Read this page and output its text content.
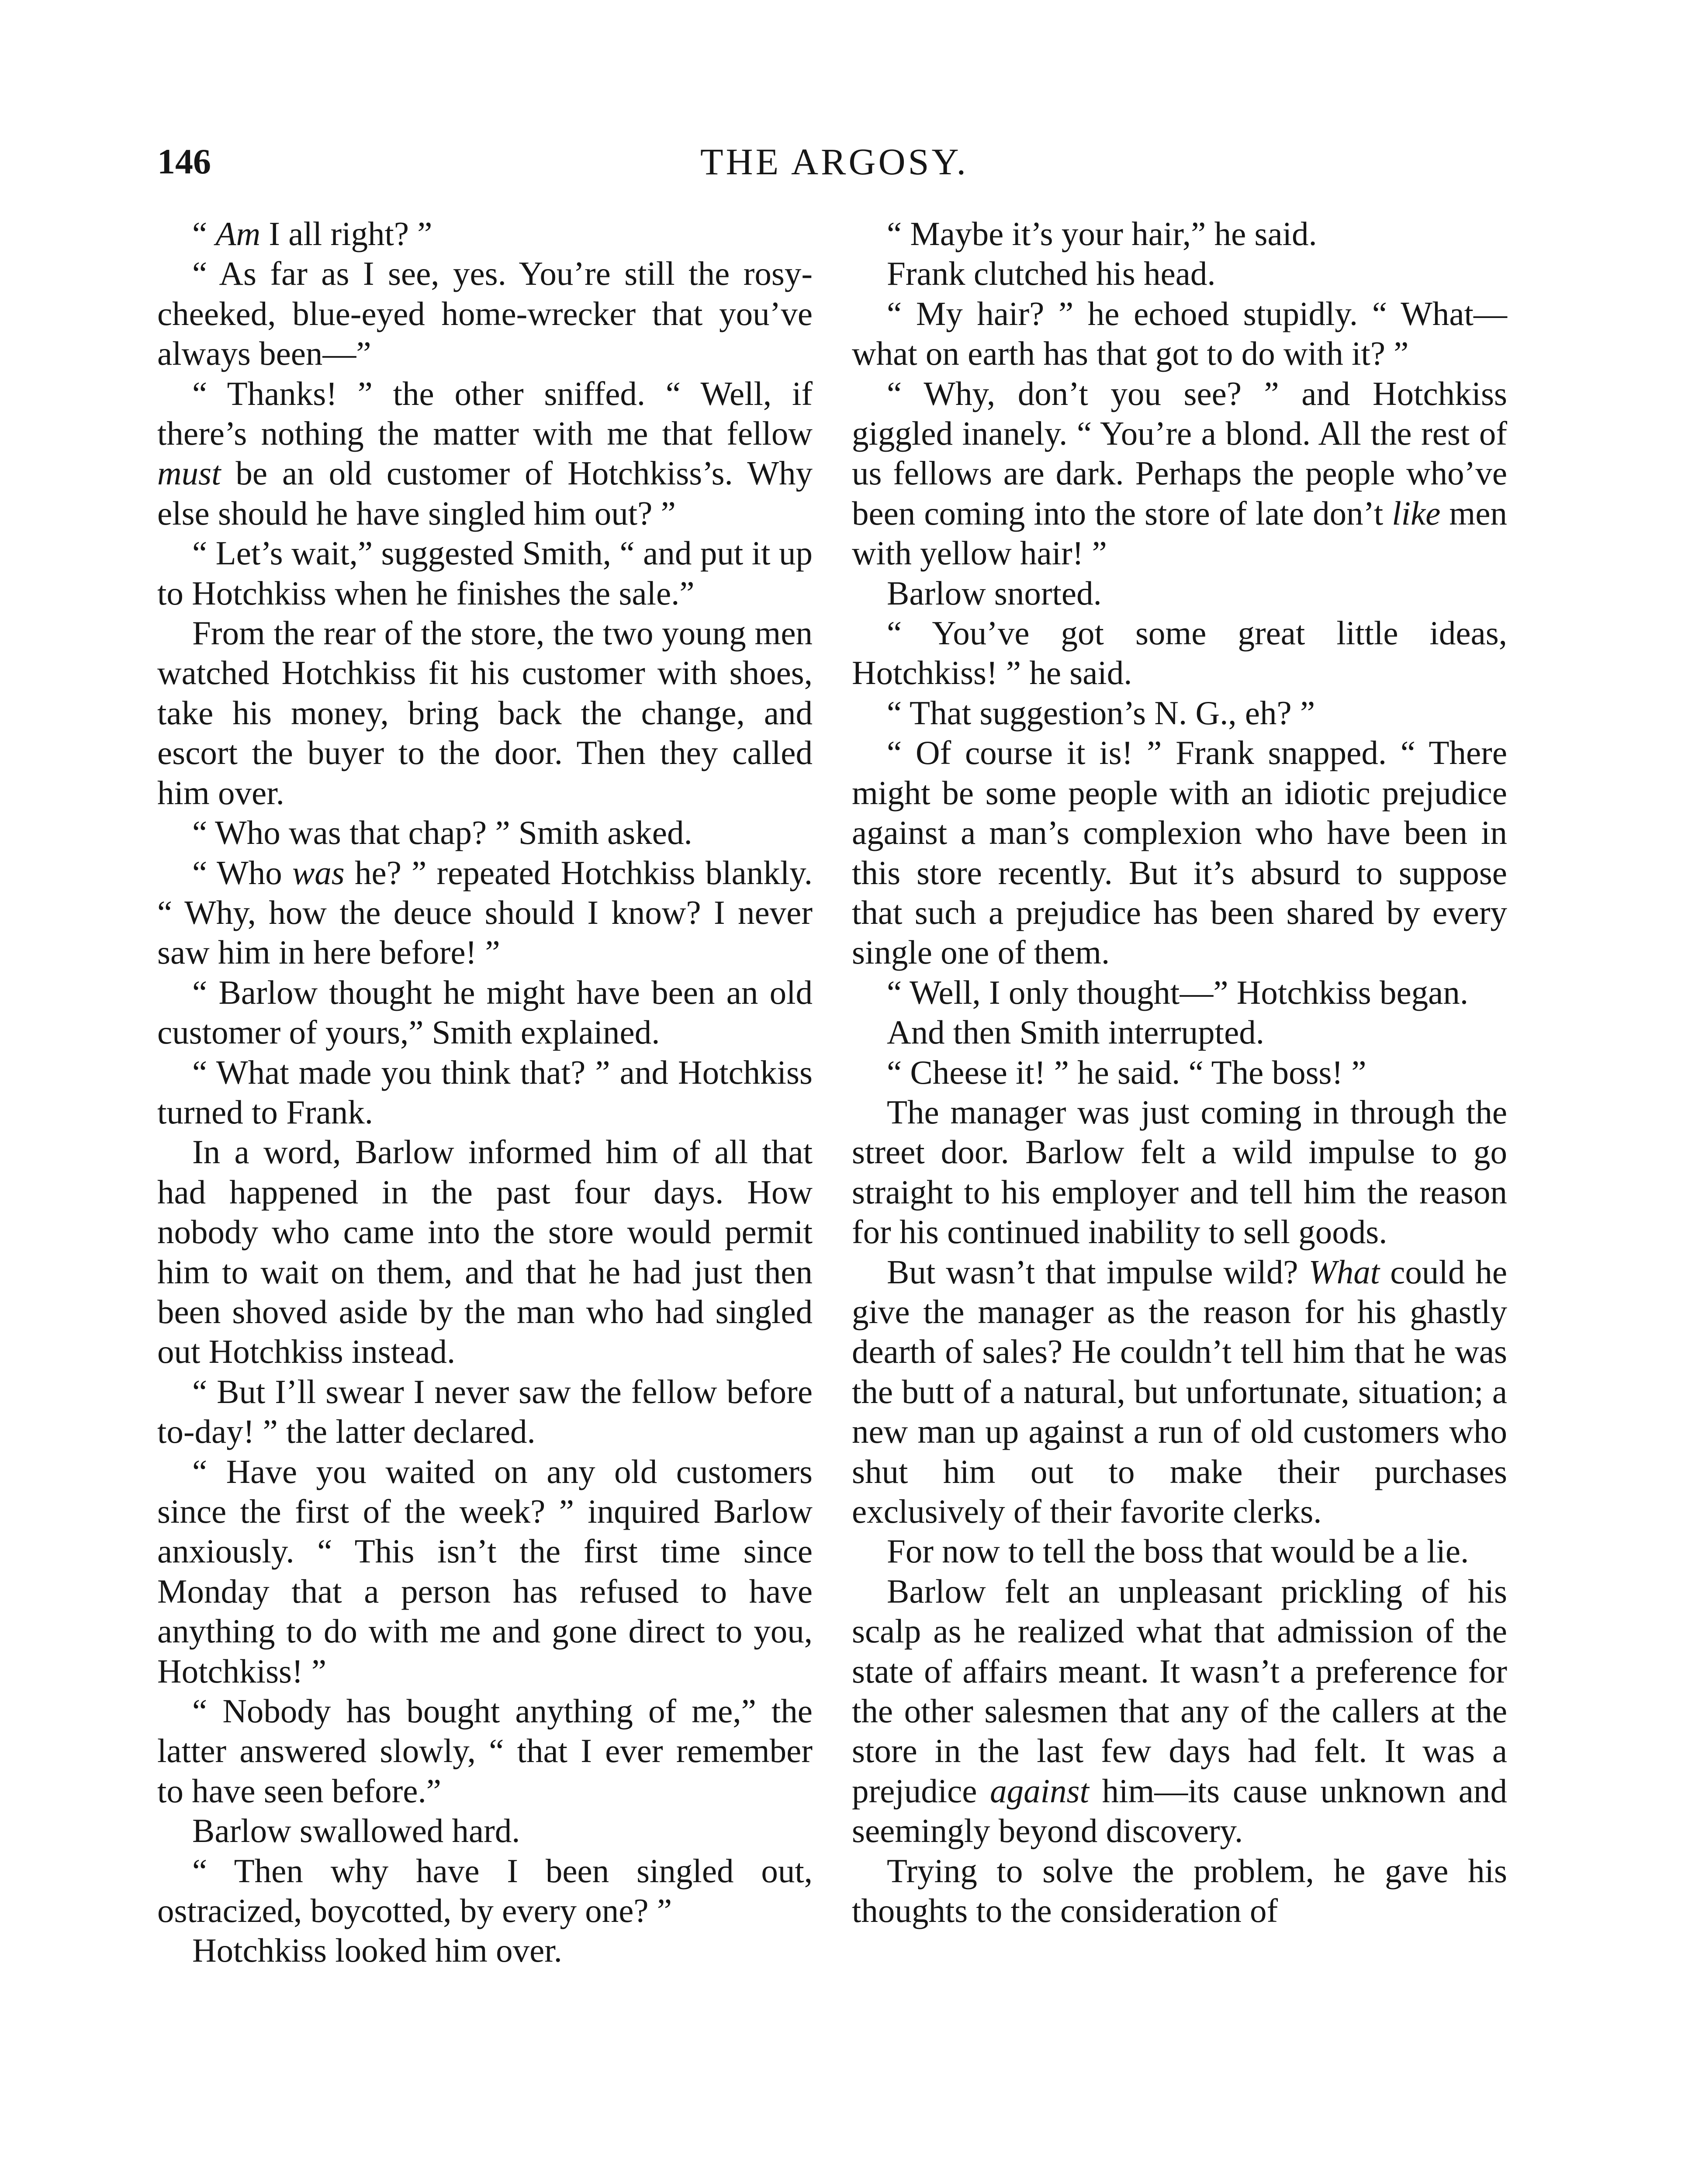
146	THE ARGOSY.

“ Am I all right? ”

“ As far as I see, yes. You’re still the rosy-cheeked, blue-eyed home-wrecker that you’ve always been—”

“ Thanks! ” the other sniffed. “ Well, if there’s nothing the matter with me that fellow must be an old customer of Hotchkiss’s. Why else should he have singled him out? ”

“ Let’s wait,” suggested Smith, “ and put it up to Hotchkiss when he finishes the sale.”

From the rear of the store, the two young men watched Hotchkiss fit his customer with shoes, take his money, bring back the change, and escort the buyer to the door. Then they called him over.

“ Who was that chap? ” Smith asked.

“ Who was he? ” repeated Hotchkiss blankly. “ Why, how the deuce should I know? I never saw him in here before! ”

“ Barlow thought he might have been an old customer of yours,” Smith explained.

“ What made you think that? ” and Hotchkiss turned to Frank.

In a word, Barlow informed him of all that had happened in the past four days. How nobody who came into the store would permit him to wait on them, and that he had just then been shoved aside by the man who had singled out Hotchkiss instead.

“ But I’ll swear I never saw the fellow before to-day! ” the latter declared.

“ Have you waited on any old customers since the first of the week? ” inquired Barlow anxiously. “ This isn’t the first time since Monday that a person has refused to have anything to do with me and gone direct to you, Hotchkiss! ”

“ Nobody has bought anything of me,” the latter answered slowly, “ that I ever remember to have seen before.”

Barlow swallowed hard.

“ Then why have I been singled out, ostracized, boycotted, by every one? ”

Hotchkiss looked him over.

“ Maybe it’s your hair,” he said.

Frank clutched his head.

“ My hair? ” he echoed stupidly. “ What—what on earth has that got to do with it? ”

“ Why, don’t you see? ” and Hotchkiss giggled inanely. “ You’re a blond. All the rest of us fellows are dark. Perhaps the people who’ve been coming into the store of late don’t like men with yellow hair! ”

Barlow snorted.

“ You’ve got some great little ideas, Hotchkiss! ” he said.

“ That suggestion’s N. G., eh? ”

“ Of course it is! ” Frank snapped. “ There might be some people with an idiotic prejudice against a man’s complexion who have been in this store recently. But it’s absurd to suppose that such a prejudice has been shared by every single one of them.

“ Well, I only thought—” Hotchkiss began.

And then Smith interrupted.

“ Cheese it! ” he said. “ The boss! ”

The manager was just coming in through the street door. Barlow felt a wild impulse to go straight to his employer and tell him the reason for his continued inability to sell goods.

But wasn’t that impulse wild? What could he give the manager as the reason for his ghastly dearth of sales? He couldn’t tell him that he was the butt of a natural, but unfortunate, situation; a new man up against a run of old customers who shut him out to make their purchases exclusively of their favorite clerks.

For now to tell the boss that would be a lie.

Barlow felt an unpleasant prickling of his scalp as he realized what that admission of the state of affairs meant. It wasn’t a preference for the other salesmen that any of the callers at the store in the last few days had felt. It was a prejudice against him—its cause unknown and seemingly beyond discovery.

Trying to solve the problem, he gave his thoughts to the consideration of
